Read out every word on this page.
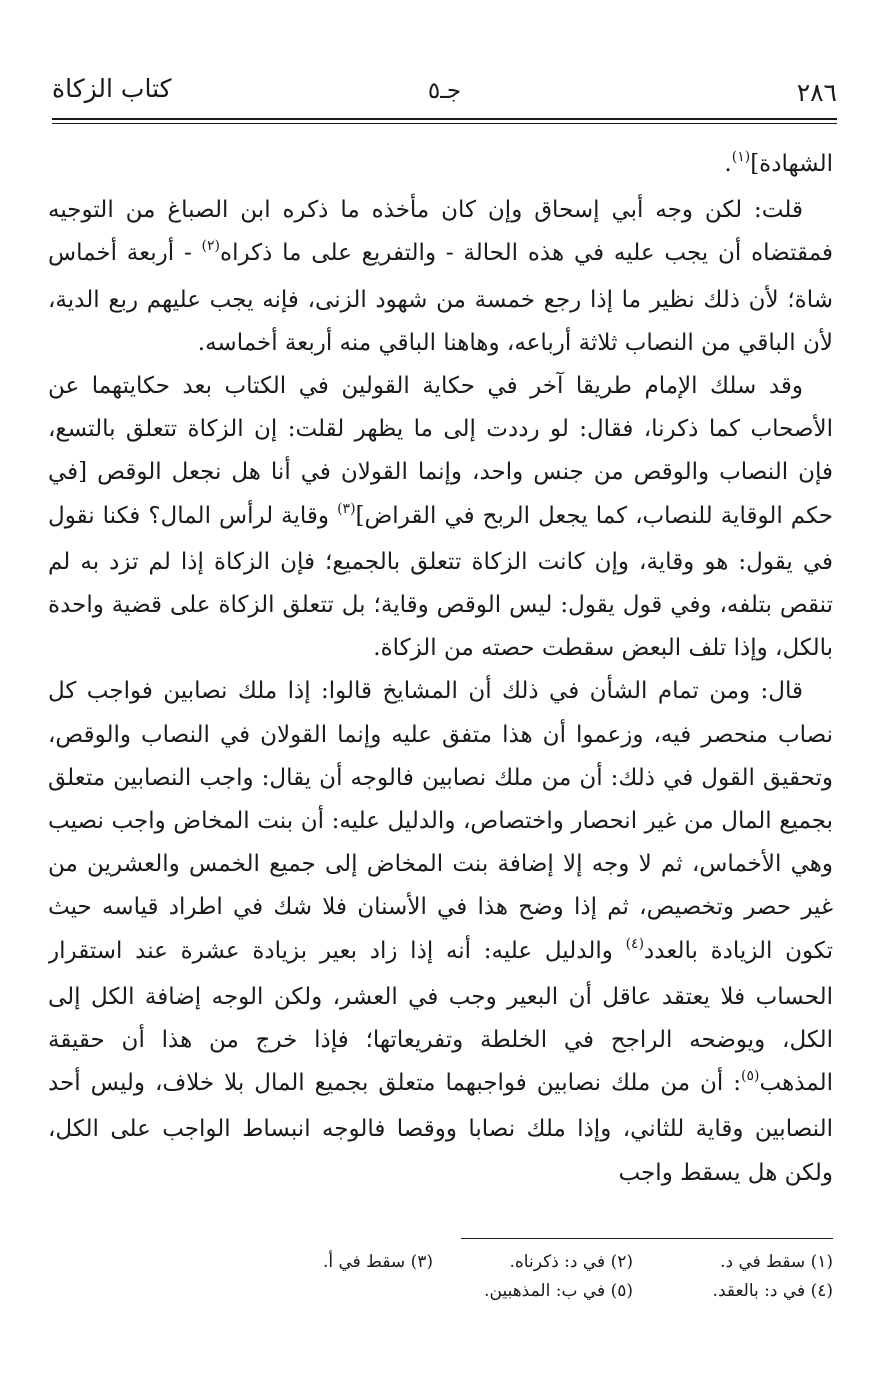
٢٨٦
جـ٥
كتاب الزكاة

الشهادة]$^{(١)}$.

قلت: لكن وجه أبي إسحاق وإن كان مأخذه ما ذكره ابن الصباغ من التوجيه فمقتضاه أن يجب عليه في هذه الحالة - والتفريع على ما ذكراه$^{(٢)}$ - أربعة أخماس شاة؛ لأن ذلك نظير ما إذا رجع خمسة من شهود الزنى، فإنه يجب عليهم ربع الدية، لأن الباقي من النصاب ثلاثة أرباعه، وهاهنا الباقي منه أربعة أخماسه.

وقد سلك الإمام طريقا آخر في حكاية القولين في الكتاب بعد حكايتهما عن الأصحاب كما ذكرنا، فقال: لو رددت إلى ما يظهر لقلت: إن الزكاة تتعلق بالتسع، فإن النصاب والوقص من جنس واحد، وإنما القولان في أنا هل نجعل الوقص [في حكم الوقاية للنصاب، كما يجعل الربح في القراض]$^{(٣)}$ وقاية لرأس المال؟ فكنا نقول في يقول: هو وقاية، وإن كانت الزكاة تتعلق بالجميع؛ فإن الزكاة إذا لم تزد به لم تنقص بتلفه، وفي قول يقول: ليس الوقص وقاية؛ بل تتعلق الزكاة على قضية واحدة بالكل، وإذا تلف البعض سقطت حصته من الزكاة.

قال: ومن تمام الشأن في ذلك أن المشايخ قالوا: إذا ملك نصابين فواجب كل نصاب منحصر فيه، وزعموا أن هذا متفق عليه وإنما القولان في النصاب والوقص، وتحقيق القول في ذلك: أن من ملك نصابين فالوجه أن يقال: واجب النصابين متعلق بجميع المال من غير انحصار واختصاص، والدليل عليه: أن بنت المخاض واجب نصيب وهي الأخماس، ثم لا وجه إلا إضافة بنت المخاض إلى جميع الخمس والعشرين من غير حصر وتخصيص، ثم إذا وضح هذا في الأسنان فلا شك في اطراد قياسه حيث تكون الزيادة بالعدد$^{(٤)}$ والدليل عليه: أنه إذا زاد بعير بزيادة عشرة عند استقرار الحساب فلا يعتقد عاقل أن البعير وجب في العشر، ولكن الوجه إضافة الكل إلى الكل، ويوضحه الراجح في الخلطة وتفريعاتها؛ فإذا خرج من هذا أن حقيقة المذهب$^{(٥)}$: أن من ملك نصابين فواجبهما متعلق بجميع المال بلا خلاف، وليس أحد النصابين وقاية للثاني، وإذا ملك نصابا ووقصا فالوجه انبساط الواجب على الكل، ولكن هل يسقط واجب

(١) سقط في د.
(٢) في د: ذكرناه.
(٣) سقط في أ.
(٤) في د: بالعقد.
(٥) في ب: المذهبين.
